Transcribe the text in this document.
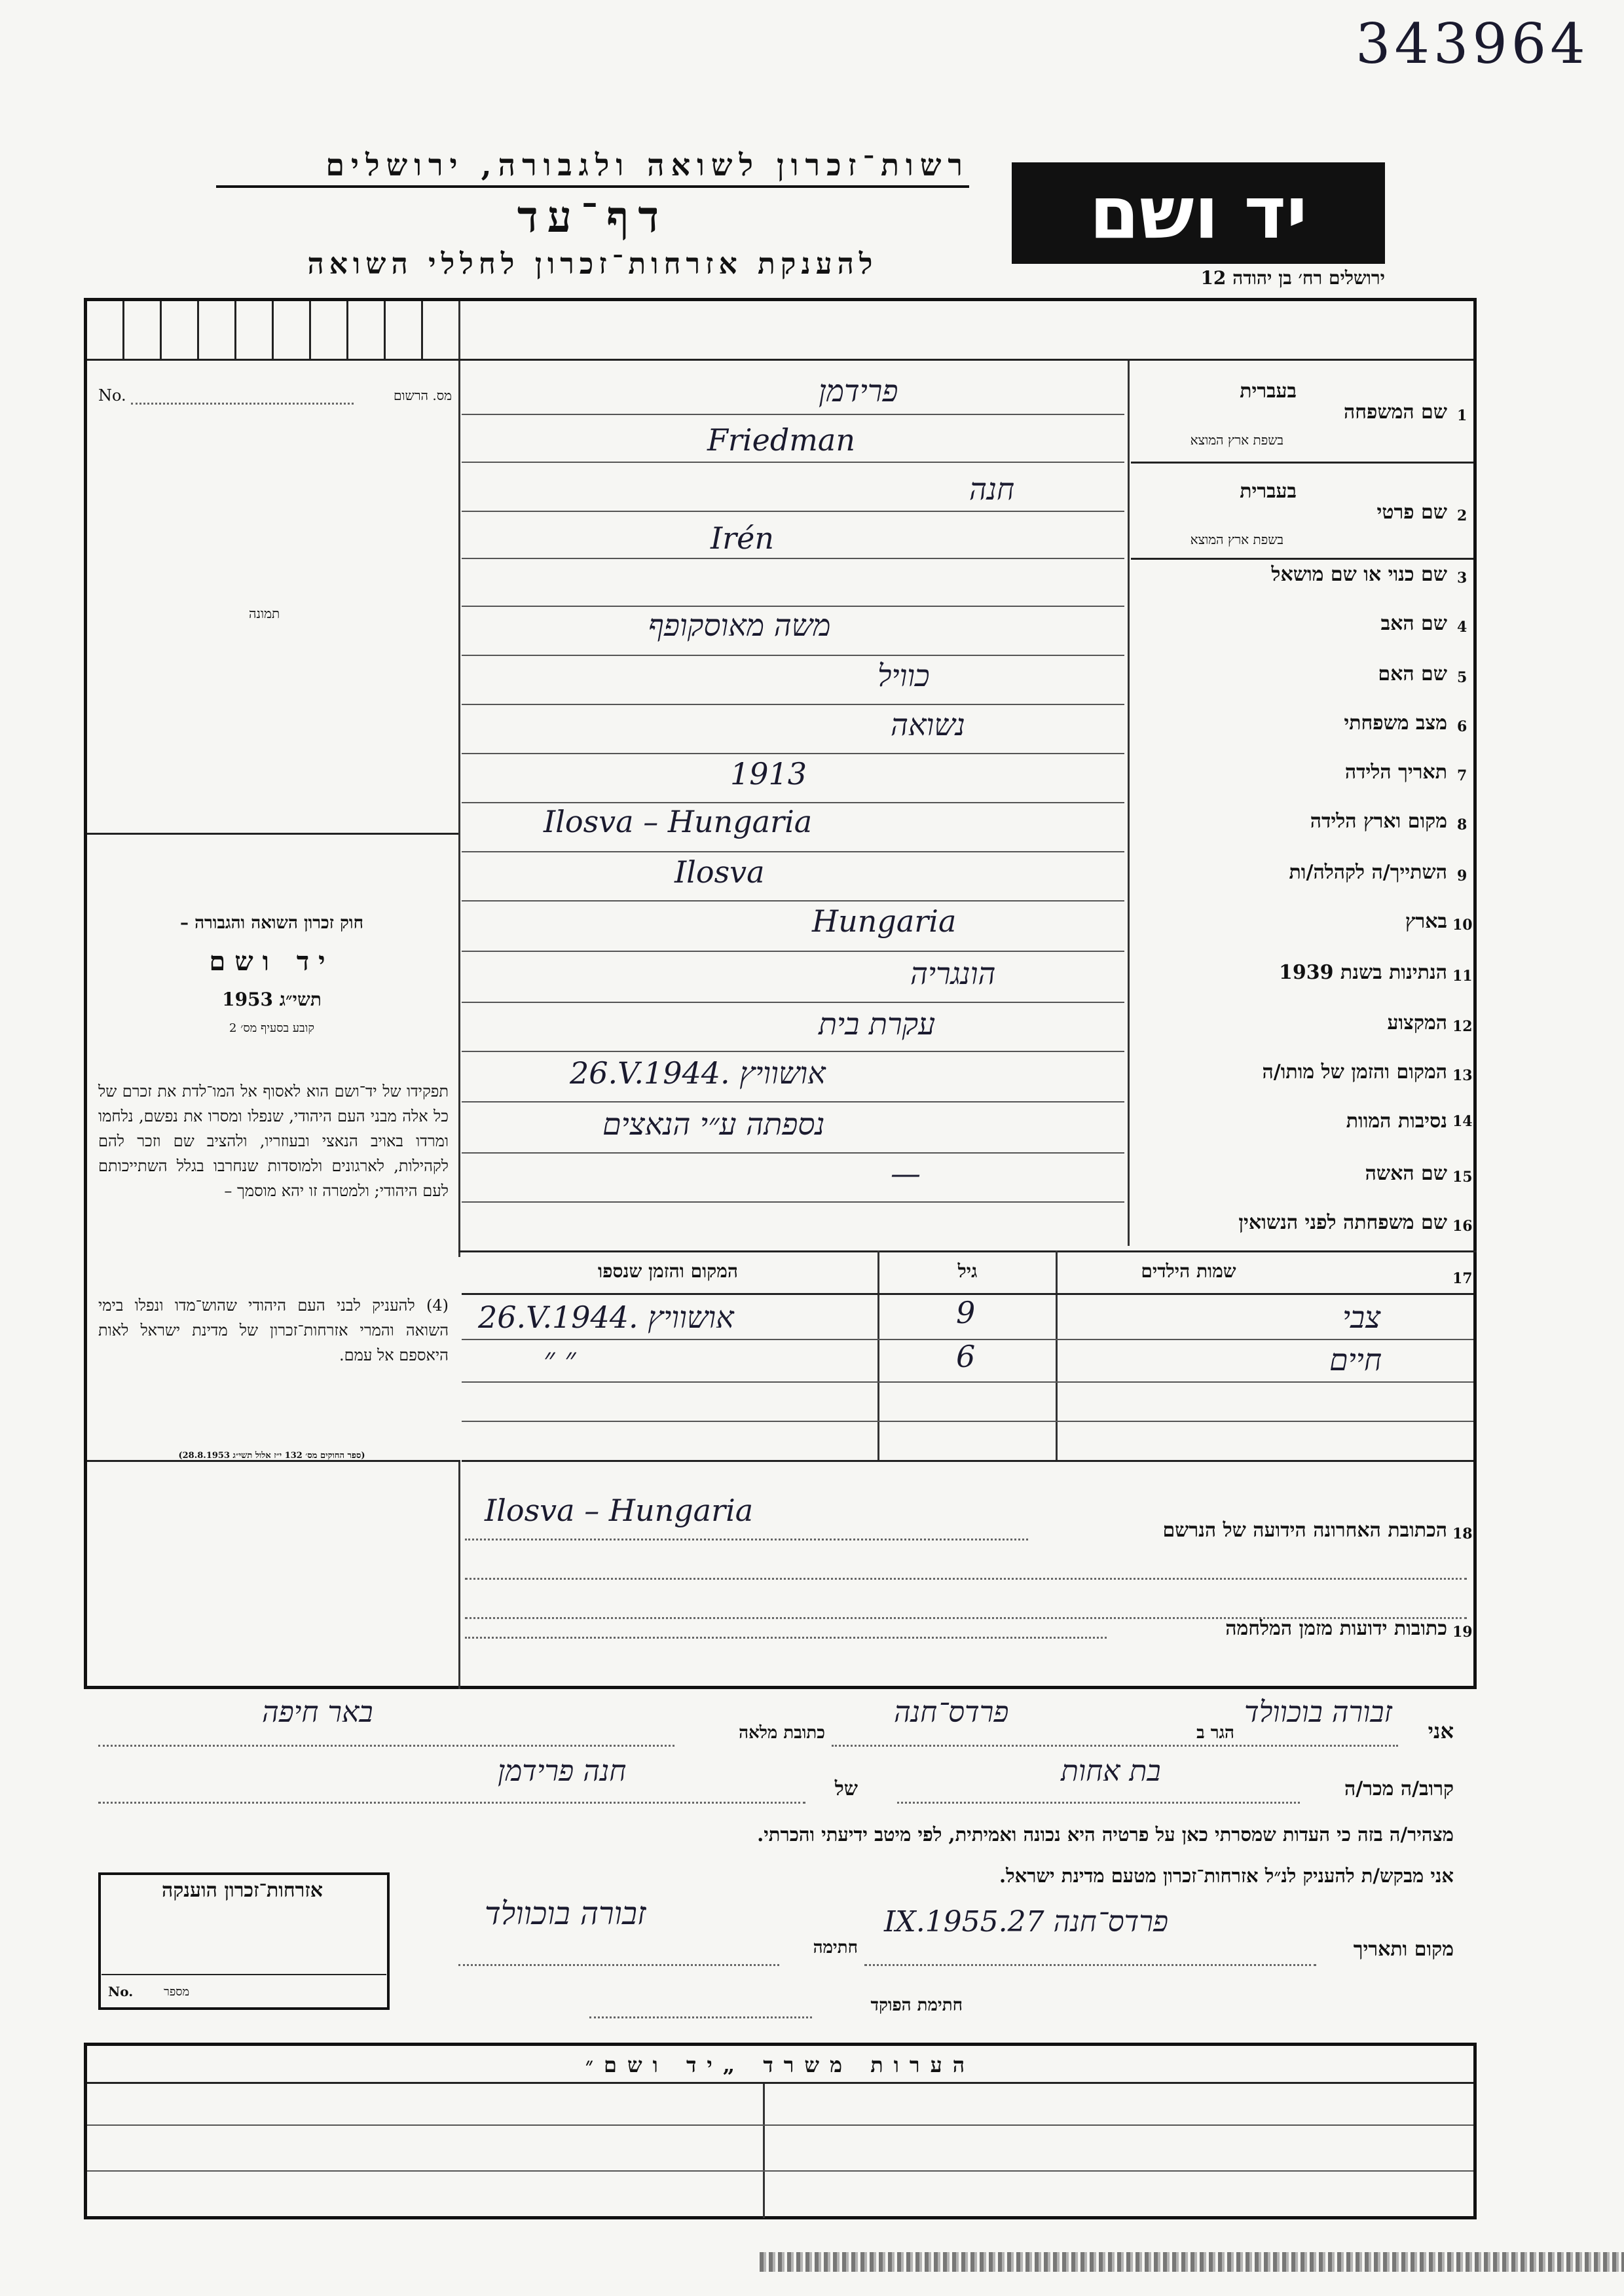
343964
רשות־זכרון לשואה ולגבורה, ירושלים
דף־עד
להענקת אזרחות־זכרון לחללי השואה
יד ושם
ירושלים רח׳ בן יהודה 12
No.	מס. הרשום
תמונה
1
שם המשפחה
בעברית
בשפת ארץ המוצא
פרידמן
Friedman
2
שם פרטי
בעברית
בשפת ארץ המוצא
חנה
Irén
3
שם כנוי או שם מושאל
4
שם האב
משה מאוסקופף
5
שם האם
כוויל
6
מצב משפחתי
נשואה
7
תאריך הלידה
1913
8
מקום וארץ הלידה
Ilosva – Hungaria
9
השתייך/ה לקהלה/ות
Ilosva
10
בארץ
Hungaria
11
הנתינות בשנת 1939
הונגריה
12
המקצוע
עקרת בית
13
המקום והזמן של מותו/ה
26.V.1944. אושוויץ
14
נסיבות המוות
נספתה ע״י הנאצים
15
שם האשה
—
16
שם משפחתה לפני הנשואין
17
שמות הילדים
גיל
המקום והזמן שנספו
צבי
9
26.V.1944. אושוויץ
חיים
6
״ ״
חוק זכרון השואה והגבורה –
יד ושם
תשי״ג 1953
קובע בסעיף מס׳ 2
תפקידו של יד־ושם הוא לאסוף אל המו־לדת את זכרם של כל אלה מבני העם היהודי, שנפלו ומסרו את נפשם, נלחמו ומרדו באויב הנאצי ובעוזריו, ולהציב שם וזכר להם לקהילות, לארגונים ולמוסדות שנחרבו בגלל השתייכותם לעם היהודי; ולמטרה זו יהא מוסמך –
(4) להעניק לבני העם היהודי שהוש־מדו ונפלו בימי השואה והמרי אזרחות־זכרון של מדינת ישראל לאות היאספם אל עמם.
(ספר החוקים מס׳ 132 י״ז אלול תשי״ג 28.8.1953)
18
הכתובת האחרונה הידועה של הנרשם
Ilosva – Hungaria
19
כתובות ידועות מזמן המלחמה
אני
זבורה בוכוולד
הגר ב
פרדס־חנה
כתובת מלאה
באר חיפה
קרוב/ה מכר/ה
בת אחות
של
חנה פרידמן
מצהיר/ה בזה כי העדות שמסרתי כאן על פרטיה היא נכונה ואמיתית, לפי מיטב ידיעתי והכרתי.
אני מבקש/ת להעניק לנ״ל אזרחות־זכרון מטעם מדינת ישראל.
מקום ותאריך
פרדס־חנה 27.IX.1955
חתימה
זבורה בוכוולד
חתימת הפוקד
אזרחות־זכרון הוענקה
No.	מספר
הערות משרד „יד ושם״
